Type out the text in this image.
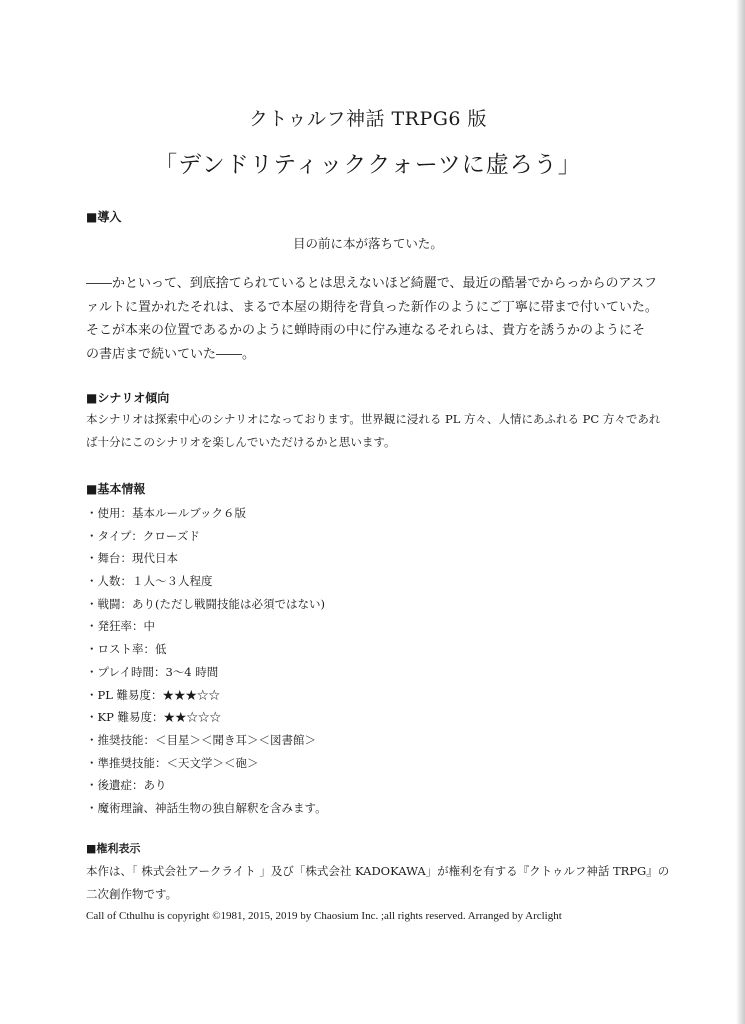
クトゥルフ神話 TRPG6 版
「デンドリティッククォーツに虚ろう」
■導入
目の前に本が落ちていた。
――かといって、到底捨てられているとは思えないほど綺麗で、最近の酷暑でからっからのアスフ
ァルトに置かれたそれは、まるで本屋の期待を背負った新作のようにご丁寧に帯まで付いていた。
そこが本来の位置であるかのように蝉時雨の中に佇み連なるそれらは、貴方を誘うかのようにそ
の書店まで続いていた――。
■シナリオ傾向
本シナリオは探索中心のシナリオになっております。世界観に浸れる PL 方々、人情にあふれる PC 方々であれ
ば十分にこのシナリオを楽しんでいただけるかと思います。
■基本情報
・使用：基本ルールブック６版
・タイプ：クローズド
・舞台：現代日本
・人数：１人～３人程度
・戦闘：あり(ただし戦闘技能は必須ではない)
・発狂率：中
・ロスト率：低
・プレイ時間：3～4 時間
・PL 難易度：★★★☆☆
・KP 難易度：★★☆☆☆
・推奨技能：＜目星＞＜聞き耳＞＜図書館＞
・準推奨技能：＜天文学＞＜砲＞
・後遺症：あり
・魔術理論、神話生物の独自解釈を含みます。
■権利表示
本作は、「 株式会社アークライト 」及び「株式会社 KADOKAWA」が権利を有する『クトゥルフ神話 TRPG』の
二次創作物です。
Call of Cthulhu is copyright ©1981, 2015, 2019 by Chaosium Inc. ;all rights reserved. Arranged by Arclight
